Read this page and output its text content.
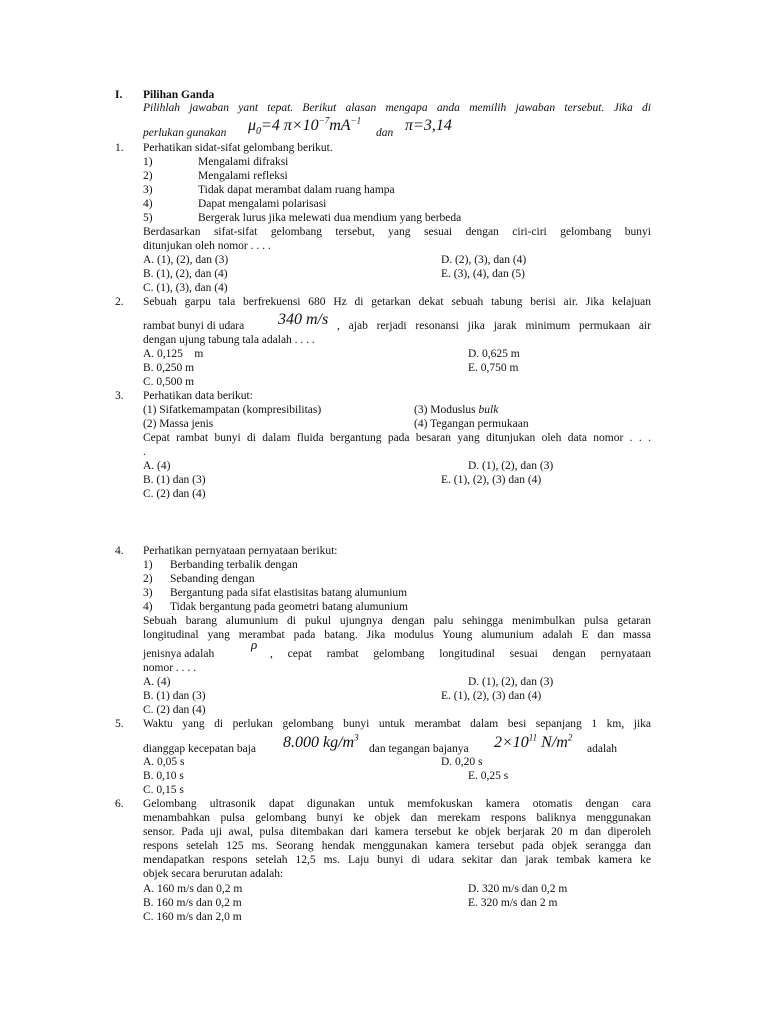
I. Pilihan Ganda
Pilihlah jawaban yant tepat. Berikut alasan mengapa anda memilih jawaban tersebut. Jika di
perlukan gunakan $\mu_0=4$ $\pi\times 10^{-7}mA^{-1}$
dan π=3,14
1. Perhatikan sidat-sifat gelombang berikut.
1)	Mengalami difraksi
2)	Mengalami refleksi
3)	Tidak dapat merambat dalam ruang hampa
4)	Dapat mengalami polarisasi
5)	Bergerak lurus jika melewati dua mendium yang berbeda
Berdasarkan sifat-sifat gelombang tersebut, yang sesuai dengan ciri-ciri gelombang bunyi
ditunjukan oleh nomor . . . .
A. (1), (2), dan (3)	D. (2), (3), dan (4)
B. (1), (2), dan (4)	E. (3), (4), dan (5)
C. (1), (3), dan (4)
2. Sebuah garpu tala berfrekuensi 680 Hz di getarkan dekat sebuah tabung berisi air. Jika kelajuan
rambat bunyi di udara 340 m/s , ajab rerjadi resonansi jika jarak minimum permukaan air
dengan ujung tabung tala adalah . . . .
A. 0,125    m	D. 0,625 m
B. 0,250 m	E. 0,750 m
C. 0,500 m
3. Perhatikan data berikut:
(1) Sifatkemampatan (kompresibilitas)	(3) Moduslus bulk
(2) Massa jenis	(4) Tegangan permukaan
Cepat rambat bunyi di dalam fluida bergantung pada besaran yang ditunjukan oleh data nomor . . .
.
A. (4)	D. (1), (2), dan (3)
B. (1) dan (3)	E. (1), (2), (3) dan (4)
C. (2) dan (4)
4. Perhatikan pernyataan pernyataan berikut:
1) Berbanding terbalik dengan
2) Sebanding dengan
3) Bergantung pada sifat elastisitas batang alumunium
4) Tidak bergantung pada geometri batang alumunium
Sebuah barang alumunium di pukul ujungnya dengan palu sehingga menimbulkan pulsa getaran
longitudinal yang merambat pada batang. Jika modulus Young alumunium adalah E dan massa
jenisnya adalah
ρ
, cepat rambat gelombang longitudinal sesuai dengan pernyataan
nomor . . . .
A. (4)	D. (1), (2), dan (3)
B. (1) dan (3)	E. (1), (2), (3) dan (4)
C. (2) dan (4)
5. Waktu yang di perlukan gelombang bunyi untuk merambat dalam besi sepanjang 1 km, jika
dianggap kecepatan baja 8.000 $kg/m^3$
dan tegangan bajanya $2\times 10^{11}$ $N/m^2$
adalah
A. 0,05 s	D. 0,20 s
B. 0,10 s	E. 0,25 s
C. 0,15 s
6. Gelombang ultrasonik dapat digunakan untuk memfokuskan kamera otomatis dengan cara
menambahkan pulsa gelombang bunyi ke objek dan merekam respons baliknya menggunakan
sensor. Pada uji awal, pulsa ditembakan dari kamera tersebut ke objek berjarak 20 m dan diperoleh
respons setelah 125 ms. Seorang hendak menggunakan kamera tersebut pada objek serangga dan
mendapatkan respons setelah 12,5 ms. Laju bunyi di udara sekitar dan jarak tembak kamera ke
objek secara berurutan adalah:
A. 160 m/s dan 0,2 m	D. 320 m/s dan 0,2 m
B. 160 m/s dan 0,2 m	E. 320 m/s dan 2 m
C. 160 m/s dan 2,0 m
